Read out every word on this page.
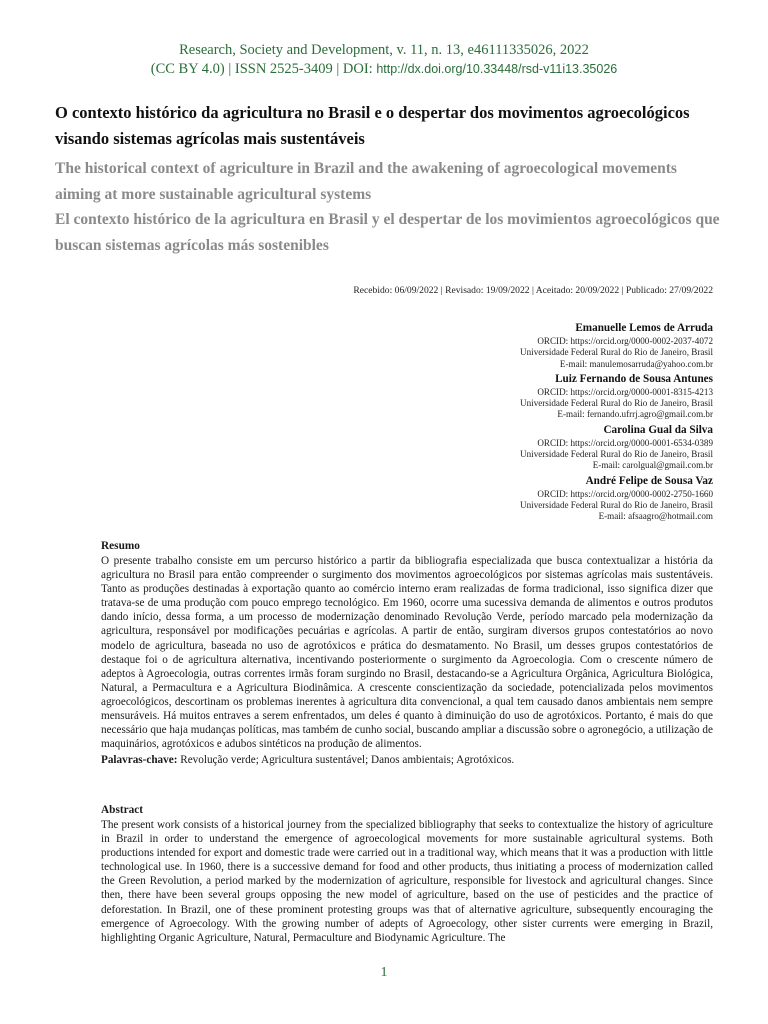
Research, Society and Development, v. 11, n. 13, e46111335026, 2022
(CC BY 4.0) | ISSN 2525-3409 | DOI: http://dx.doi.org/10.33448/rsd-v11i13.35026

O contexto histórico da agricultura no Brasil e o despertar dos movimentos agroecológicos visando sistemas agrícolas mais sustentáveis

The historical context of agriculture in Brazil and the awakening of agroecological movements aiming at more sustainable agricultural systems

El contexto histórico de la agricultura en Brasil y el despertar de los movimientos agroecológicos que buscan sistemas agrícolas más sostenibles

Recebido: 06/09/2022 | Revisado: 19/09/2022 | Aceitado: 20/09/2022 | Publicado: 27/09/2022
Emanuelle Lemos de Arruda
ORCID: https://orcid.org/0000-0002-2037-4072
Universidade Federal Rural do Rio de Janeiro, Brasil
E-mail: manulemosarruda@yahoo.com.br
Luiz Fernando de Sousa Antunes
ORCID: https://orcid.org/0000-0001-8315-4213
Universidade Federal Rural do Rio de Janeiro, Brasil
E-mail: fernando.ufrrj.agro@gmail.com.br
Carolina Gual da Silva
ORCID: https://orcid.org/0000-0001-6534-0389
Universidade Federal Rural do Rio de Janeiro, Brasil
E-mail: carolgual@gmail.com.br
André Felipe de Sousa Vaz
ORCID: https://orcid.org/0000-0002-2750-1660
Universidade Federal Rural do Rio de Janeiro, Brasil
E-mail: afsaagro@hotmail.com

Resumo

O presente trabalho consiste em um percurso histórico a partir da bibliografia especializada que busca contextualizar a história da agricultura no Brasil para então compreender o surgimento dos movimentos agroecológicos por sistemas agrícolas mais sustentáveis. Tanto as produções destinadas à exportação quanto ao comércio interno eram realizadas de forma tradicional, isso significa dizer que tratava-se de uma produção com pouco emprego tecnológico. Em 1960, ocorre uma sucessiva demanda de alimentos e outros produtos dando início, dessa forma, a um processo de modernização denominado Revolução Verde, período marcado pela modernização da agricultura, responsável por modificações pecuárias e agrícolas. A partir de então, surgiram diversos grupos contestatórios ao novo modelo de agricultura, baseada no uso de agrotóxicos e prática do desmatamento. No Brasil, um desses grupos contestatórios de destaque foi o de agricultura alternativa, incentivando posteriormente o surgimento da Agroecologia. Com o crescente número de adeptos à Agroecologia, outras correntes irmãs foram surgindo no Brasil, destacando-se a Agricultura Orgânica, Agricultura Biológica, Natural, a Permacultura e a Agricultura Biodinâmica. A crescente conscientização da sociedade, potencializada pelos movimentos agroecológicos, descortinam os problemas inerentes à agricultura dita convencional, a qual tem causado danos ambientais nem sempre mensuráveis. Há muitos entraves a serem enfrentados, um deles é quanto à diminuição do uso de agrotóxicos. Portanto, é mais do que necessário que haja mudanças políticas, mas também de cunho social, buscando ampliar a discussão sobre o agronegócio, a utilização de maquinários, agrotóxicos e adubos sintéticos na produção de alimentos.

Palavras-chave: Revolução verde; Agricultura sustentável; Danos ambientais; Agrotóxicos.

Abstract

The present work consists of a historical journey from the specialized bibliography that seeks to contextualize the history of agriculture in Brazil in order to understand the emergence of agroecological movements for more sustainable agricultural systems. Both productions intended for export and domestic trade were carried out in a traditional way, which means that it was a production with little technological use. In 1960, there is a successive demand for food and other products, thus initiating a process of modernization called the Green Revolution, a period marked by the modernization of agriculture, responsible for livestock and agricultural changes. Since then, there have been several groups opposing the new model of agriculture, based on the use of pesticides and the practice of deforestation. In Brazil, one of these prominent protesting groups was that of alternative agriculture, subsequently encouraging the emergence of Agroecology. With the growing number of adepts of Agroecology, other sister currents were emerging in Brazil, highlighting Organic Agriculture, Natural, Permaculture and Biodynamic Agriculture. The

1
